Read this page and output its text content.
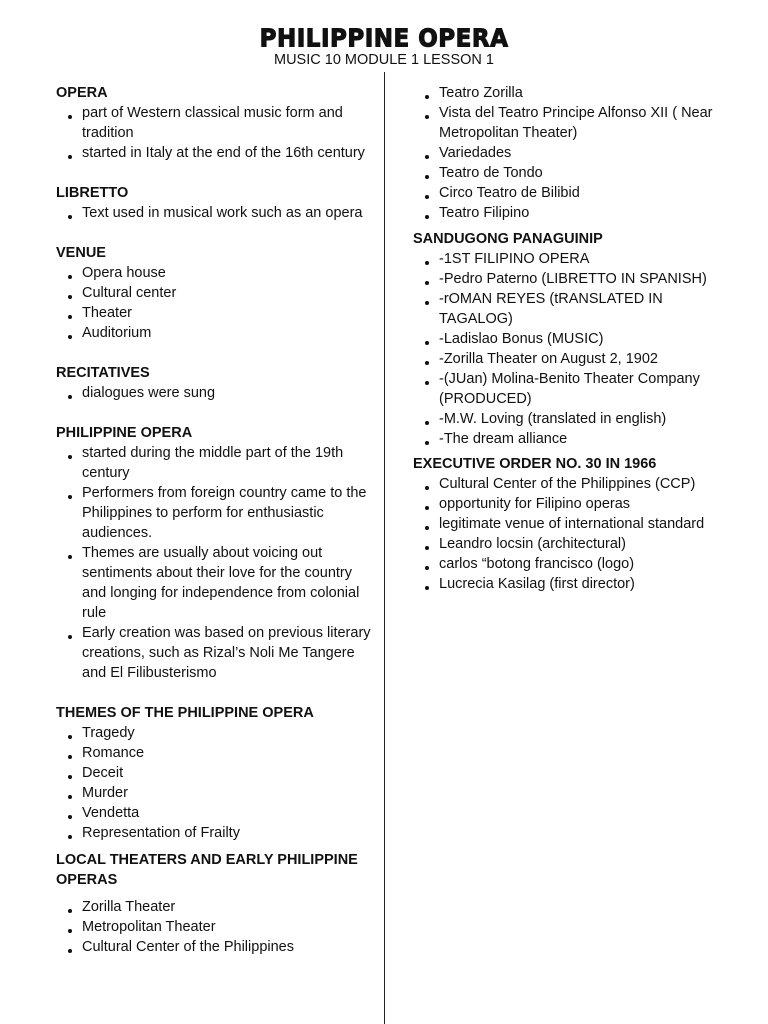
PHILIPPINE OPERA
MUSIC 10 MODULE 1 LESSON 1

OPERA

part of Western classical music form and tradition
started in Italy at the end of the 16th century

LIBRETTO

Text used in musical work such as an opera

VENUE

Opera house
Cultural center
Theater
Auditorium

RECITATIVES

dialogues were sung

PHILIPPINE OPERA

started during the middle part of the 19th century
Performers from foreign country came to the Philippines to perform for enthusiastic audiences.
Themes are usually about voicing out sentiments about their love for the country and longing for independence from colonial rule
Early creation was based on previous literary creations, such as Rizal’s Noli Me Tangere and El Filibusterismo

THEMES OF THE PHILIPPINE OPERA

Tragedy
Romance
Deceit
Murder
Vendetta
Representation of Frailty

LOCAL THEATERS AND EARLY PHILIPPINE OPERAS

Zorilla Theater
Metropolitan Theater
Cultural Center of the Philippines
Teatro Zorilla
Vista del Teatro Principe Alfonso XII ( Near Metropolitan Theater)
Variedades
Teatro de Tondo
Circo Teatro de Bilibid
Teatro Filipino

SANDUGONG PANAGUINIP

-1ST FILIPINO OPERA
-Pedro Paterno (LIBRETTO IN SPANISH)
-rOMAN REYES (tRANSLATED IN TAGALOG)
-Ladislao Bonus (MUSIC)
-Zorilla Theater on August 2, 1902
-(JUan) Molina-Benito Theater Company (PRODUCED)
-M.W. Loving (translated in english)
-The dream alliance

EXECUTIVE ORDER NO. 30 IN 1966

Cultural Center of the Philippines (CCP)
opportunity for Filipino operas
legitimate venue of international standard
Leandro locsin (architectural)
carlos “botong francisco (logo)
Lucrecia Kasilag (first director)
